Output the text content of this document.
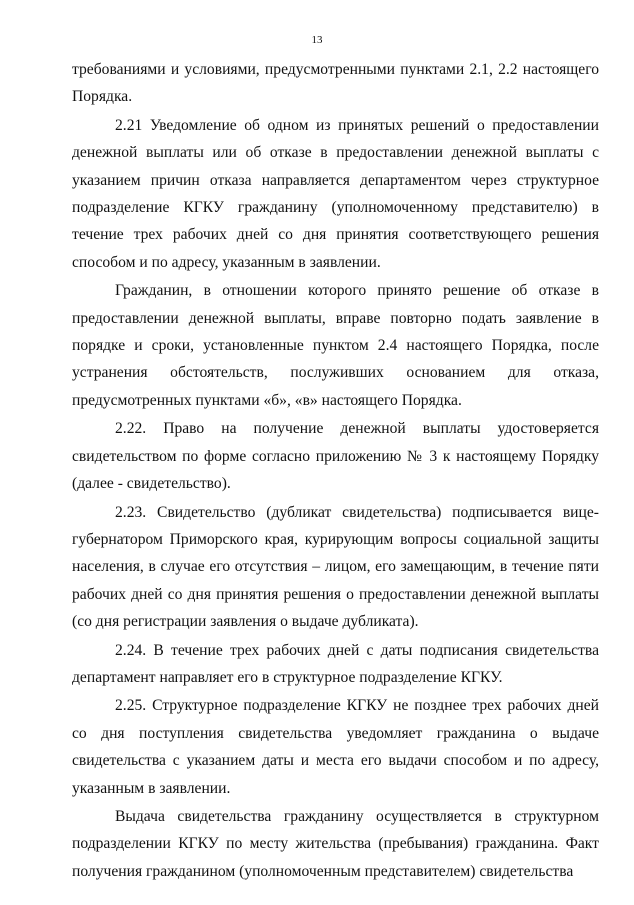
13

требованиями и условиями, предусмотренными пунктами 2.1, 2.2 настоящего Порядка.

2.21 Уведомление об одном из принятых решений о предоставлении денежной выплаты или об отказе в предоставлении денежной выплаты с указанием причин отказа направляется департаментом через структурное подразделение КГКУ гражданину (уполномоченному представителю) в течение трех рабочих дней со дня принятия соответствующего решения способом и по адресу, указанным в заявлении.

Гражданин, в отношении которого принято решение об отказе в предоставлении денежной выплаты, вправе повторно подать заявление в порядке и сроки, установленные пунктом 2.4 настоящего Порядка, после устранения обстоятельств, послуживших основанием для отказа, предусмотренных пунктами «б», «в» настоящего Порядка.

2.22. Право на получение денежной выплаты удостоверяется свидетельством по форме согласно приложению № 3 к настоящему Порядку (далее - свидетельство).

2.23. Свидетельство (дубликат свидетельства) подписывается вице-губернатором Приморского края, курирующим вопросы социальной защиты населения, в случае его отсутствия – лицом, его замещающим, в течение пяти рабочих дней со дня принятия решения о предоставлении денежной выплаты (со дня регистрации заявления о выдаче дубликата).

2.24. В течение трех рабочих дней с даты подписания свидетельства департамент направляет его в структурное подразделение КГКУ.

2.25. Структурное подразделение КГКУ не позднее трех рабочих дней со дня поступления свидетельства уведомляет гражданина о выдаче свидетельства с указанием даты и места его выдачи способом и по адресу, указанным в заявлении.

Выдача свидетельства гражданину осуществляется в структурном подразделении КГКУ по месту жительства (пребывания) гражданина. Факт получения гражданином (уполномоченным представителем) свидетельства
